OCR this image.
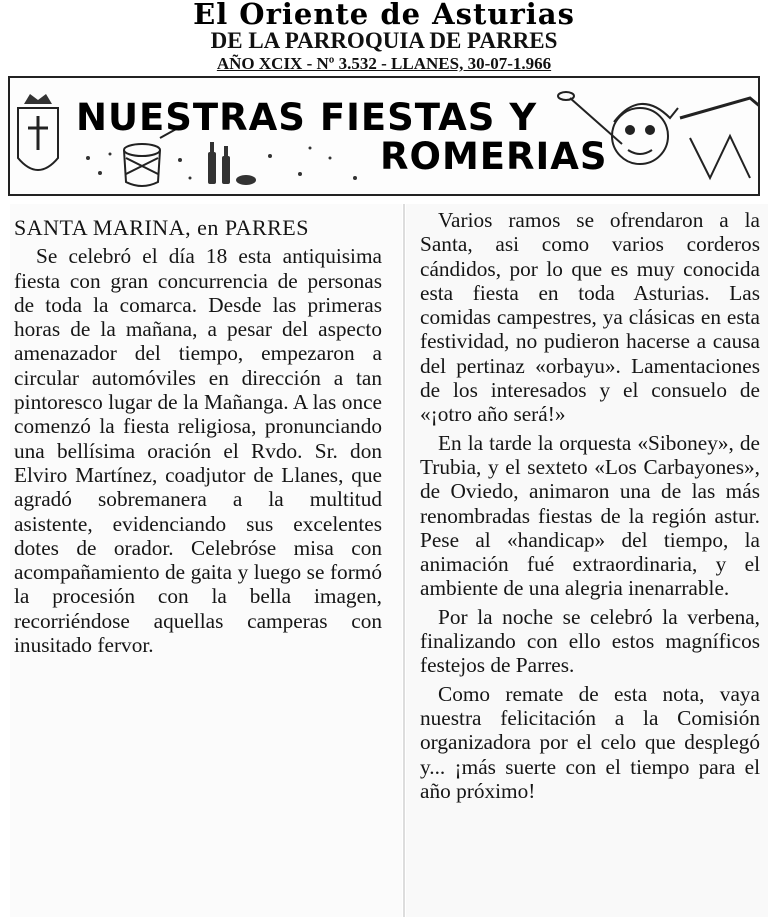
El Oriente de Asturias
DE LA PARROQUIA DE PARRES
AÑO XCIX - Nº 3.532 - LLANES, 30-07-1.966
NUESTRAS FIESTAS Y
ROMERIAS
SANTA MARINA, en PARRES

Se celebró el día 18 esta antiquisima fiesta con gran concurrencia de personas de toda la comarca. Desde las primeras horas de la mañana, a pesar del aspecto amenazador del tiempo, empezaron a circular automóviles en dirección a tan pintoresco lugar de la Mañanga. A las once comenzó la fiesta religiosa, pronunciando una bellísima oración el Rvdo. Sr. don Elviro Martínez, coadjutor de Llanes, que agradó sobremanera a la multitud asistente, evidenciando sus excelentes dotes de orador. Celebróse misa con acompañamiento de gaita y luego se formó la procesión con la bella imagen, recorriéndose aquellas camperas con inusitado fervor.

Varios ramos se ofrendaron a la Santa, asi como varios corderos cándidos, por lo que es muy conocida esta fiesta en toda Asturias. Las comidas campestres, ya clásicas en esta festividad, no pudieron hacerse a causa del pertinaz «orbayu». Lamentaciones de los interesados y el consuelo de «¡otro año será!»

En la tarde la orquesta «Siboney», de Trubia, y el sexteto «Los Carbayones», de Oviedo, animaron una de las más renombradas fiestas de la región astur. Pese al «handicap» del tiempo, la animación fué extraordinaria, y el ambiente de una alegria inenarrable.

Por la noche se celebró la verbena, finalizando con ello estos magníficos festejos de Parres.

Como remate de esta nota, vaya nuestra felicitación a la Comisión organizadora por el celo que desplegó y... ¡más suerte con el tiempo para el año próximo!
